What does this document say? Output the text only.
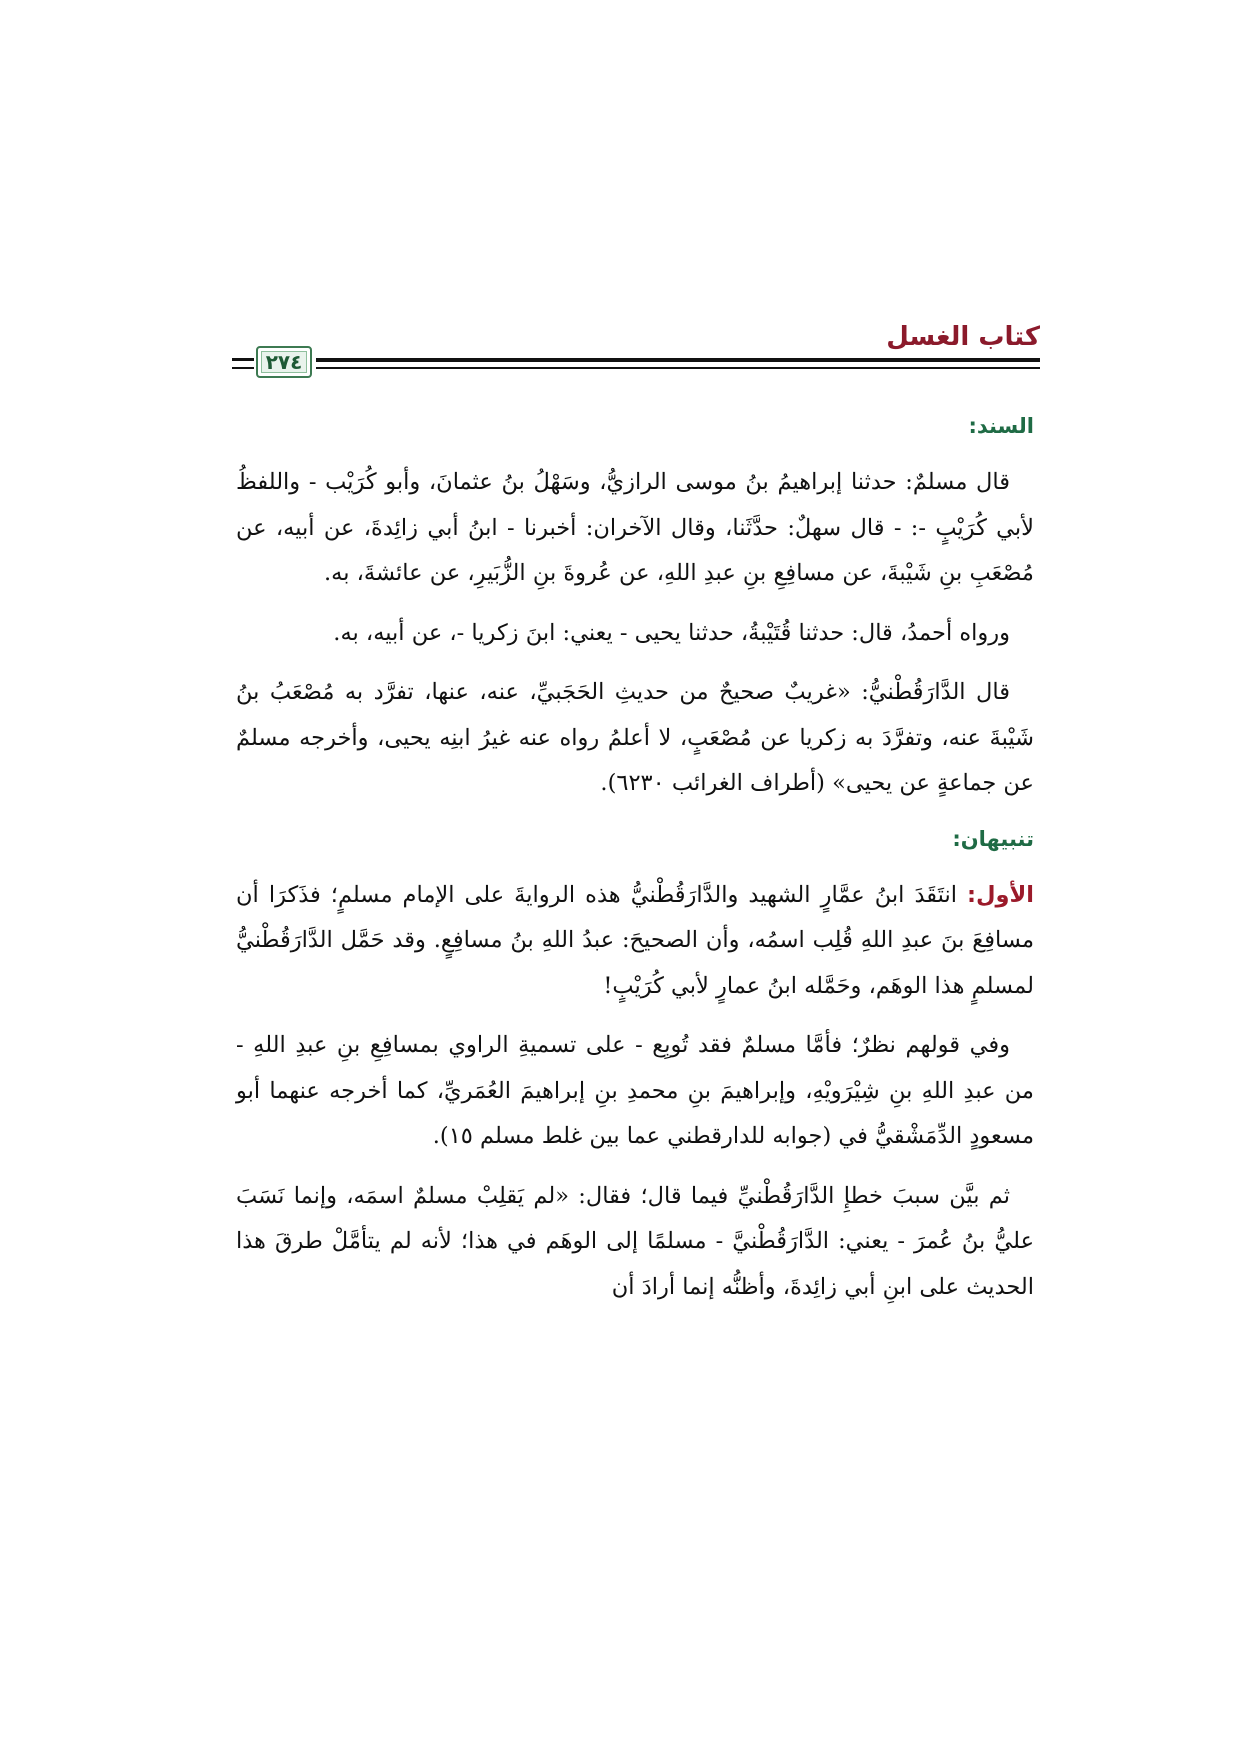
كتاب الغسل
٢٧٤
السند:

قال مسلمٌ: حدثنا إبراهيمُ بنُ موسى الرازيُّ، وسَهْلُ بنُ عثمانَ، وأبو كُرَيْب - واللفظُ لأبي كُرَيْبٍ -: - قال سهلٌ: حدَّثَنا، وقال الآخران: أخبرنا - ابنُ أبي زائِدةَ، عن أبيه، عن مُصْعَبِ بنِ شَيْبةَ، عن مسافِعِ بنِ عبدِ اللهِ، عن عُروةَ بنِ الزُّبَيرِ، عن عائشةَ، به.

ورواه أحمدُ، قال: حدثنا قُتَيْبةُ، حدثنا يحيى - يعني: ابنَ زكريا -، عن أبيه، به.

قال الدَّارَقُطْنيُّ: «غريبٌ صحيحٌ من حديثِ الحَجَبيِّ، عنه، عنها، تفرَّد به مُصْعَبُ بنُ شَيْبةَ عنه، وتفرَّدَ به زكريا عن مُصْعَبٍ، لا أعلمُ رواه عنه غيرُ ابنِه يحيى، وأخرجه مسلمٌ عن جماعةٍ عن يحيى» (أطراف الغرائب ٦٢٣٠).

تنبيهان:

الأول: انتَقَدَ ابنُ عمَّارٍ الشهيد والدَّارَقُطْنيُّ هذه الروايةَ على الإمام مسلمٍ؛ فذَكرَا أن مسافِعَ بنَ عبدِ اللهِ قُلِب اسمُه، وأن الصحيحَ: عبدُ اللهِ بنُ مسافِعٍ. وقد حَمَّل الدَّارَقُطْنيُّ لمسلمٍ هذا الوهَم، وحَمَّله ابنُ عمارٍ لأبي كُرَيْبٍ!

وفي قولهم نظرٌ؛ فأمَّا مسلمٌ فقد تُوبِع - على تسميةِ الراوي بمسافِعِ بنِ عبدِ اللهِ - من عبدِ اللهِ بنِ شِيْرَويْهِ، وإبراهيمَ بنِ محمدِ بنِ إبراهيمَ العُمَريِّ، كما أخرجه عنهما أبو مسعودٍ الدِّمَشْقيُّ في (جوابه للدارقطني عما بين غلط مسلم ١٥).

ثم بيَّن سببَ خطإِ الدَّارَقُطْنيِّ فيما قال؛ فقال: «لم يَقلِبْ مسلمٌ اسمَه، وإنما نَسَبَ عليُّ بنُ عُمرَ - يعني: الدَّارَقُطْنيَّ - مسلمًا إلى الوهَم في هذا؛ لأنه لم يتأمَّلْ طرقَ هذا الحديث على ابنِ أبي زائِدةَ، وأظنُّه إنما أرادَ أن
